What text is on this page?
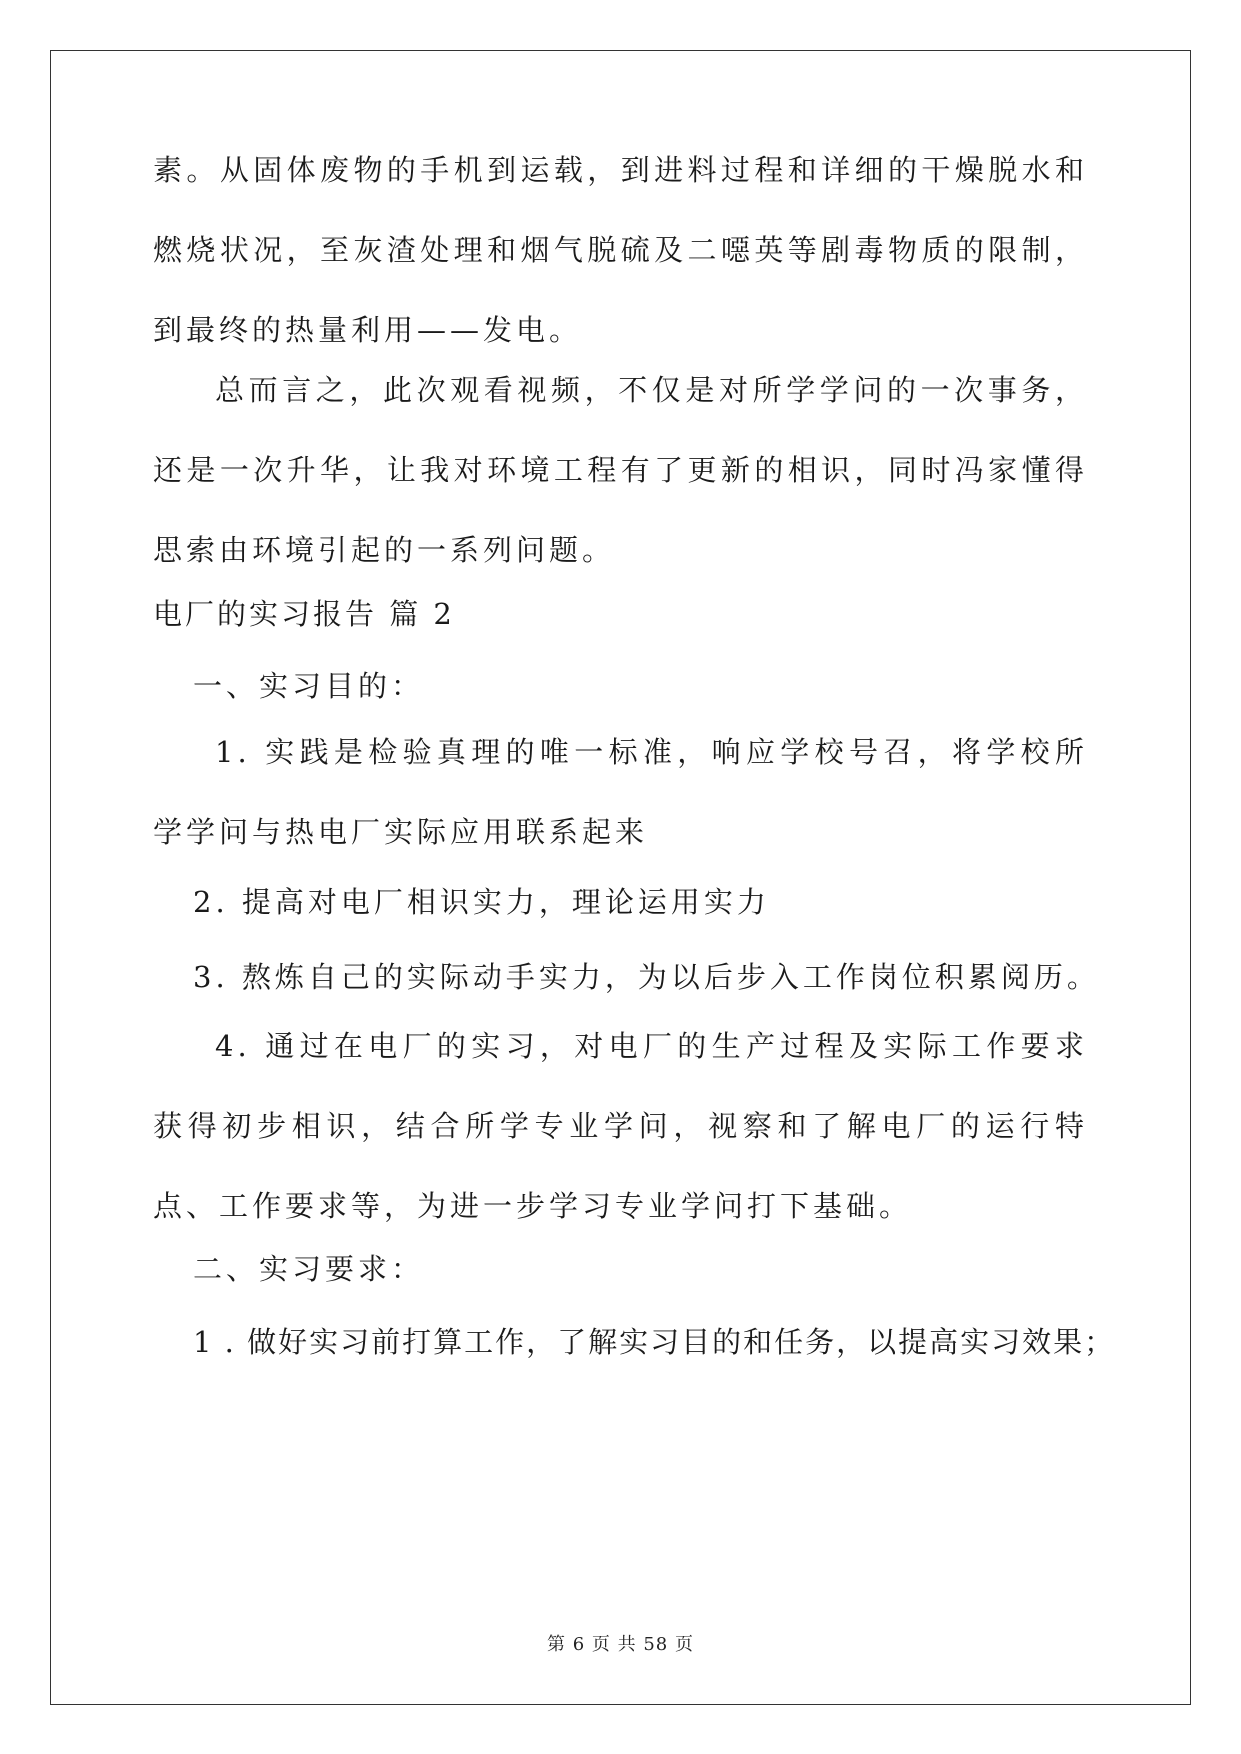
素。从固体废物的手机到运载，到进料过程和详细的干燥脱水和燃烧状况，至灰渣处理和烟气脱硫及二噁英等剧毒物质的限制，到最终的热量利用——发电。
总而言之，此次观看视频，不仅是对所学学问的一次事务，还是一次升华，让我对环境工程有了更新的相识，同时冯家懂得思索由环境引起的一系列问题。
电厂的实习报告 篇 2
一、实习目的：
1. 实践是检验真理的唯一标准，响应学校号召，将学校所学学问与热电厂实际应用联系起来
2. 提高对电厂相识实力，理论运用实力
3. 熬炼自己的实际动手实力，为以后步入工作岗位积累阅历。
4. 通过在电厂的实习，对电厂的生产过程及实际工作要求获得初步相识，结合所学专业学问，视察和了解电厂的运行特点、工作要求等，为进一步学习专业学问打下基础。
二、实习要求：
1 . 做好实习前打算工作，了解实习目的和任务，以提高实习效果；
第 6 页 共 58 页
